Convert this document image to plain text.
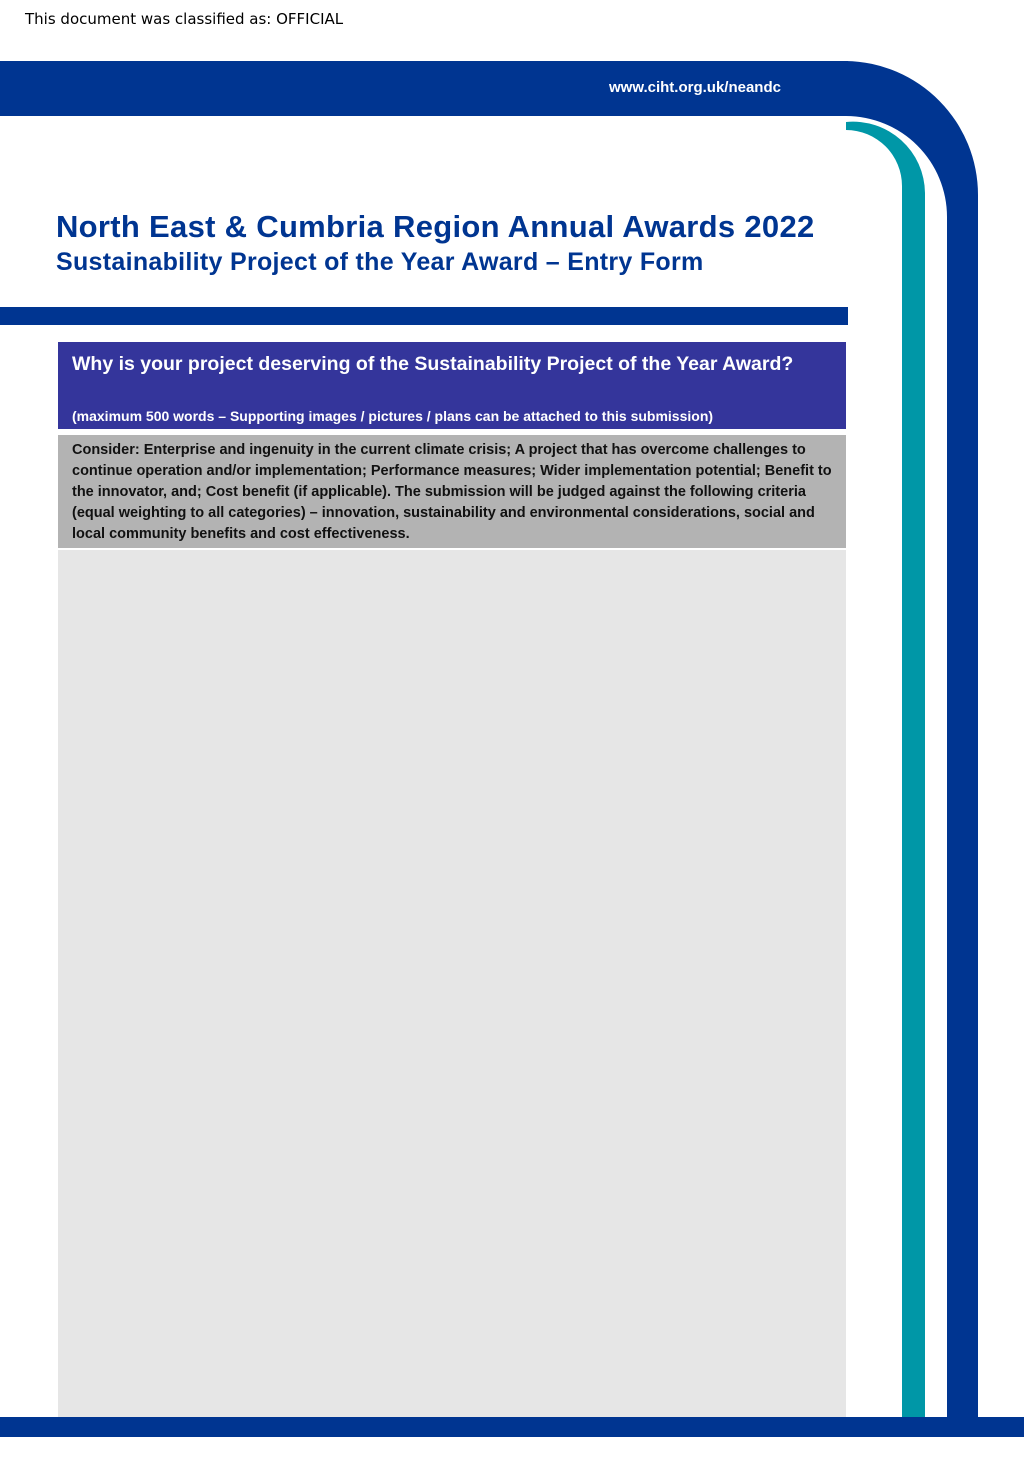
This document was classified as: OFFICIAL
www.ciht.org.uk/neandc
North East & Cumbria Region Annual Awards 2022
Sustainability Project of the Year Award – Entry Form
Why is your project deserving of the Sustainability Project of the Year Award?
(maximum 500 words – Supporting images / pictures / plans can be attached to this submission)
Consider: Enterprise and ingenuity in the current climate crisis; A project that has overcome challenges to continue operation and/or implementation; Performance measures; Wider implementation potential; Benefit to the innovator, and; Cost benefit (if applicable). The submission will be judged against the following criteria (equal weighting to all categories) – innovation, sustainability and environmental considerations, social and local community benefits and cost effectiveness.
